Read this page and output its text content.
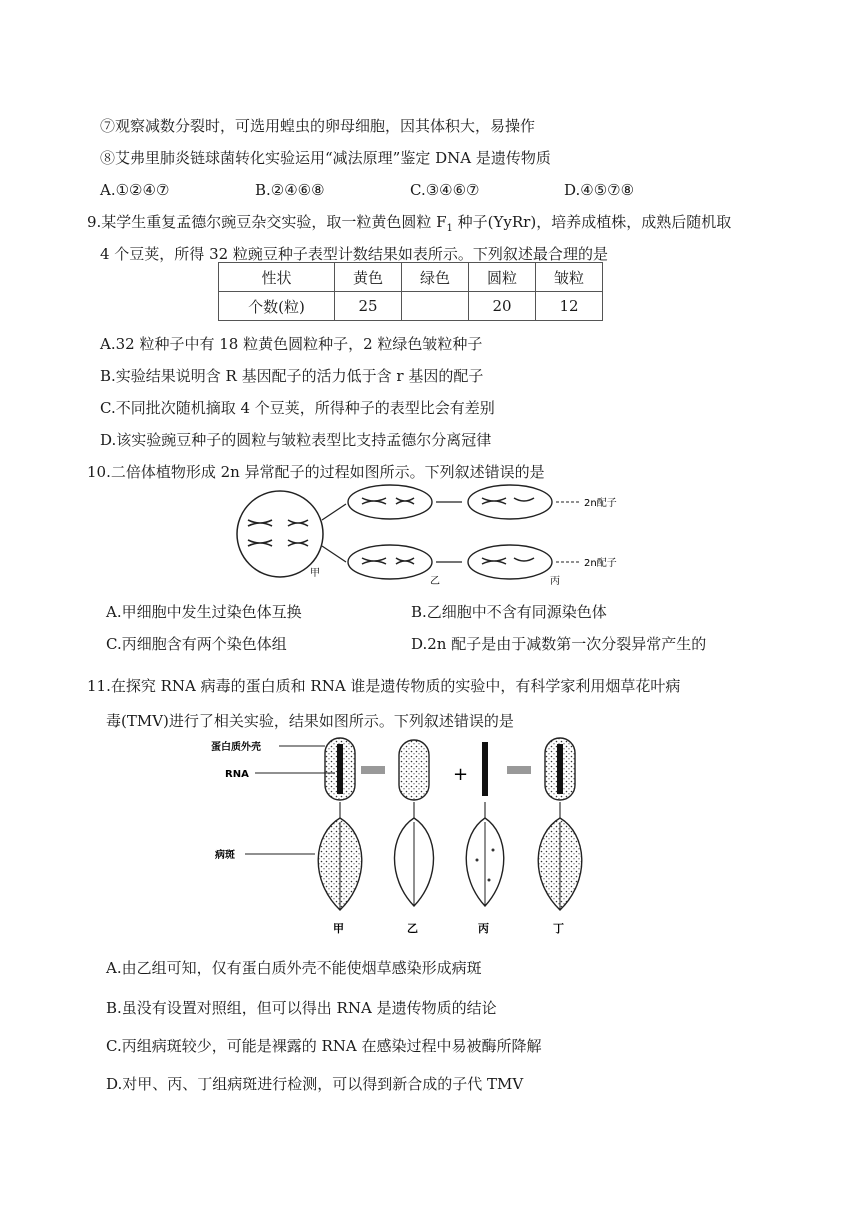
⑦观察减数分裂时，可选用蝗虫的卵母细胞，因其体积大，易操作
⑧艾弗里肺炎链球菌转化实验运用“减法原理”鉴定 DNA 是遗传物质
A.①②④⑦	B.②④⑥⑧	C.③④⑥⑦	D.④⑤⑦⑧
9.某学生重复孟德尔豌豆杂交实验，取一粒黄色圆粒 $F_1$ 种子(YyRr)，培养成植株，成熟后随机取
4 个豆荚，所得 32 粒豌豆种子表型计数结果如表所示。下列叙述最合理的是
性状	黄色	绿色	圆粒	皱粒
个数(粒)	25		20	12
A.32 粒种子中有 18 粒黄色圆粒种子，2 粒绿色皱粒种子
B.实验结果说明含 R 基因配子的活力低于含 r 基因的配子
C.不同批次随机摘取 4 个豆荚，所得种子的表型比会有差别
D.该实验豌豆种子的圆粒与皱粒表型比支持孟德尔分离冠律
10.二倍体植物形成 2n 异常配子的过程如图所示。下列叙述错误的是
甲
乙	丙
2n配子
2n配子
A.甲细胞中发生过染色体互换	B.乙细胞中不含有同源染色体
C.丙细胞含有两个染色体组	D.2n 配子是由于减数第一次分裂异常产生的
11.在探究 RNA 病毒的蛋白质和 RNA 谁是遗传物质的实验中，有科学家利用烟草花叶病
毒(TMV)进行了相关实验，结果如图所示。下列叙述错误的是
蛋白质外壳
RNA
病斑
甲	乙
+
丙	丁
A.由乙组可知，仅有蛋白质外壳不能使烟草感染形成病斑
B.虽没有设置对照组，但可以得出 RNA 是遗传物质的结论
C.丙组病斑较少，可能是裸露的 RNA 在感染过程中易被酶所降解
D.对甲、丙、丁组病斑进行检测，可以得到新合成的子代 TMV
